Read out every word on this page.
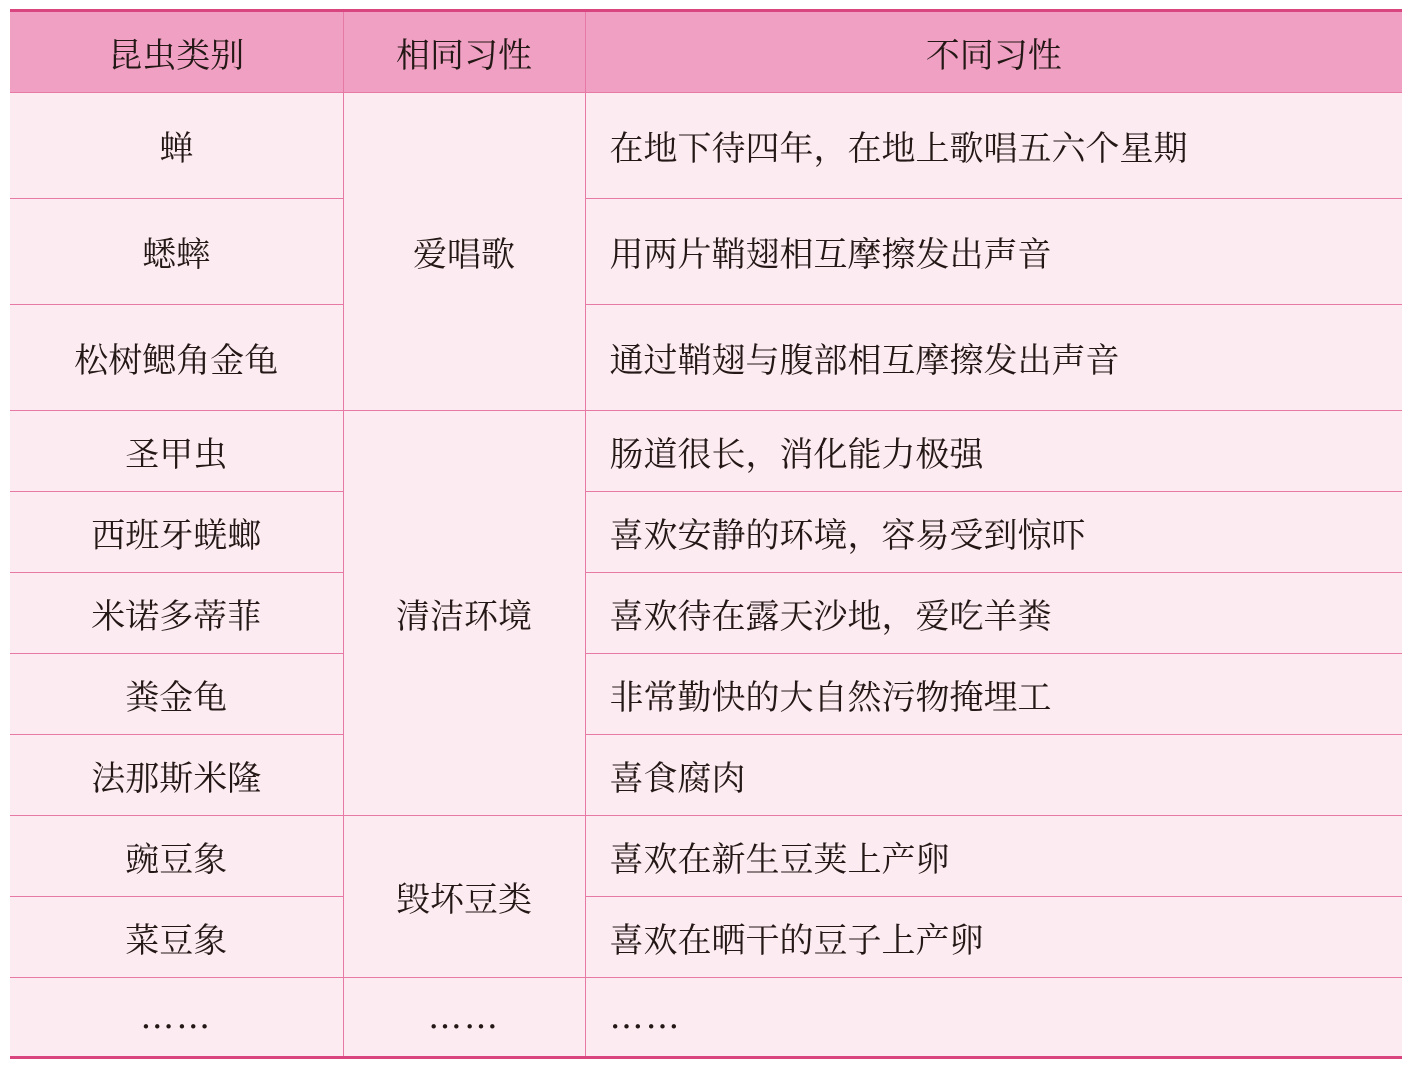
昆虫类别	相同习性	不同习性
蝉	爱唱歌	在地下待四年，在地上歌唱五六个星期
蟋蟀		用两片鞘翅相互摩擦发出声音
松树鳃角金龟		通过鞘翅与腹部相互摩擦发出声音
圣甲虫	清洁环境	肠道很长，消化能力极强
西班牙蜣螂		喜欢安静的环境，容易受到惊吓
米诺多蒂菲		喜欢待在露天沙地，爱吃羊粪
粪金龟		非常勤快的大自然污物掩埋工
法那斯米隆		喜食腐肉
豌豆象	毁坏豆类	喜欢在新生豆荚上产卵
菜豆象		喜欢在晒干的豆子上产卵
……	……	……
